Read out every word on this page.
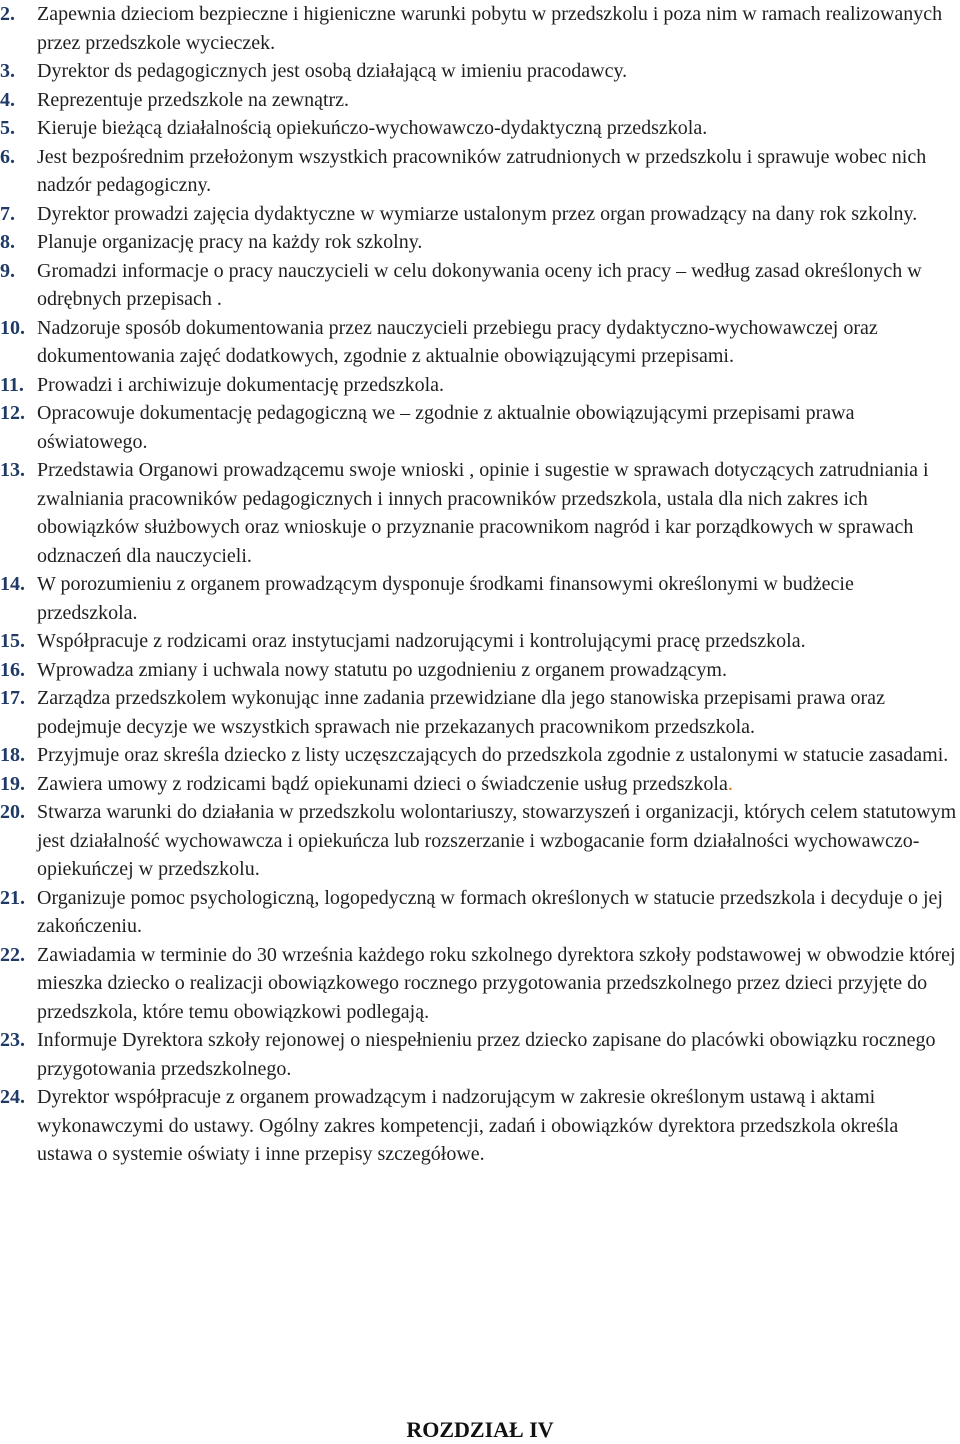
2.	Zapewnia dzieciom bezpieczne i higieniczne warunki pobytu w przedszkolu i poza nim w ramach realizowanych przez przedszkole wycieczek.
3.	Dyrektor ds pedagogicznych jest osobą działającą w imieniu pracodawcy.
4.	Reprezentuje przedszkole na zewnątrz.
5.	Kieruje bieżącą działalnością opiekuńczo-wychowawczo-dydaktyczną przedszkola.
6.	Jest bezpośrednim przełożonym wszystkich pracowników zatrudnionych w przedszkolu i sprawuje wobec nich nadzór pedagogiczny.
7.	Dyrektor prowadzi zajęcia dydaktyczne w wymiarze ustalonym przez organ prowadzący na dany rok szkolny.
8.	Planuje organizację pracy na każdy rok szkolny.
9.	Gromadzi informacje o pracy nauczycieli w celu dokonywania oceny ich pracy – według zasad określonych w odrębnych przepisach .
10. Nadzoruje sposób dokumentowania przez nauczycieli przebiegu pracy dydaktyczno-wychowawczej oraz dokumentowania zajęć dodatkowych, zgodnie z aktualnie obowiązującymi przepisami.
11. Prowadzi i archiwizuje dokumentację przedszkola.
12. Opracowuje dokumentację pedagogiczną we – zgodnie z aktualnie obowiązującymi przepisami prawa oświatowego.
13. Przedstawia Organowi prowadzącemu swoje wnioski , opinie i sugestie w sprawach dotyczących zatrudniania i zwalniania pracowników pedagogicznych i innych pracowników przedszkola, ustala dla nich zakres ich obowiązków służbowych oraz wnioskuje o przyznanie pracownikom nagród i kar porządkowych w sprawach odznaczeń dla nauczycieli.
14. W porozumieniu z organem prowadzącym dysponuje środkami finansowymi określonymi w budżecie przedszkola.
15. Współpracuje z rodzicami oraz instytucjami nadzorującymi i kontrolującymi pracę przedszkola.
16. Wprowadza zmiany i uchwala nowy statutu po uzgodnieniu z organem prowadzącym.
17. Zarządza przedszkolem wykonując inne zadania przewidziane dla jego stanowiska przepisami prawa oraz podejmuje decyzje we wszystkich sprawach nie przekazanych pracownikom przedszkola.
18. Przyjmuje oraz skreśla dziecko z listy uczęszczających do przedszkola zgodnie z ustalonymi w statucie zasadami.
19. Zawiera umowy z rodzicami bądź opiekunami dzieci o świadczenie usług przedszkola.
20. Stwarza warunki do działania w przedszkolu wolontariuszy, stowarzyszeń i organizacji, których celem statutowym jest działalność wychowawcza i opiekuńcza lub rozszerzanie i wzbogacanie form działalności wychowawczo- opiekuńczej w przedszkolu.
21. Organizuje pomoc psychologiczną, logopedyczną w formach określonych w statucie przedszkola i decyduje o jej zakończeniu.
22. Zawiadamia w terminie do 30 września każdego roku szkolnego dyrektora szkoły podstawowej w obwodzie której mieszka dziecko o realizacji obowiązkowego rocznego przygotowania przedszkolnego przez dzieci przyjęte do przedszkola, które temu obowiązkowi podlegają.
23. Informuje Dyrektora szkoły rejonowej o niespełnieniu przez dziecko zapisane do placówki obowiązku rocznego przygotowania przedszkolnego.
24. Dyrektor współpracuje z organem prowadzącym i nadzorującym w zakresie określonym ustawą i aktami wykonawczymi do ustawy. Ogólny zakres kompetencji, zadań i obowiązków dyrektora przedszkola określa ustawa o systemie oświaty i inne przepisy szczegółowe.
ROZDZIAŁ IV
